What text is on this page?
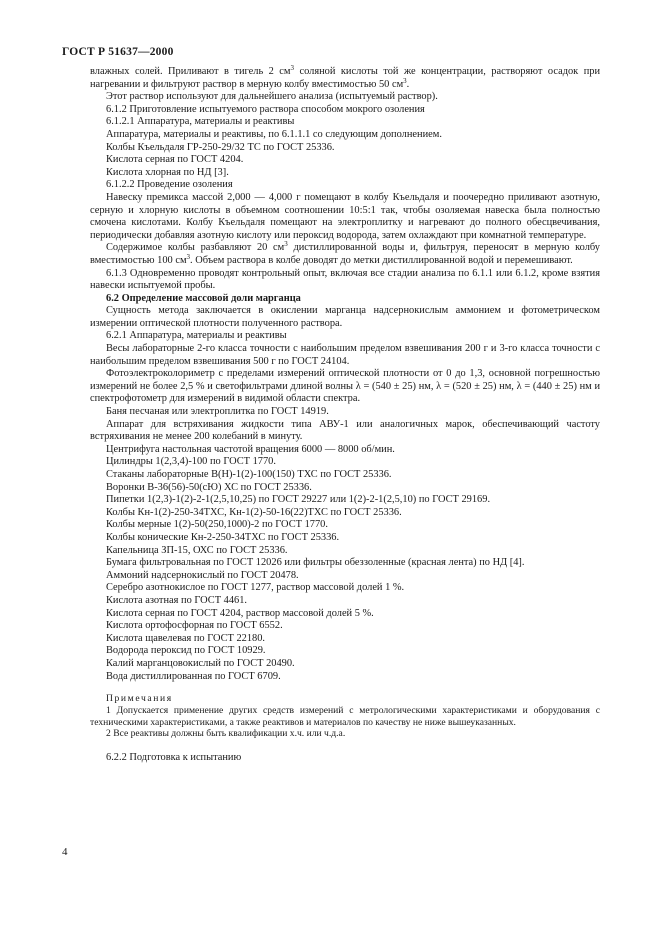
ГОСТ Р 51637—2000

влажных солей. Приливают в тигель 2 $см^3$ соляной кислоты той же концентрации, растворяют осадок при нагревании и фильтруют раствор в мерную колбу вместимостью 50 $см^3$.

Этот раствор используют для дальнейшего анализа (испытуемый раствор).

6.1.2 Приготовление испытуемого раствора способом мокрого озоления

6.1.2.1 Аппаратура, материалы и реактивы

Аппаратура, материалы и реактивы, по 6.1.1.1 со следующим дополнением.

Колбы Къельдаля ГР-250-29/32 ТС по ГОСТ 25336.

Кислота серная по ГОСТ 4204.

Кислота хлорная по НД [3].

6.1.2.2 Проведение озоления

Навеску премикса массой 2,000 — 4,000 г помещают в колбу Къельдаля и поочередно приливают азотную, серную и хлорную кислоты в объемном соотношении 10:5:1 так, чтобы озоляемая навеска была полностью смочена кислотами. Колбу Къельдаля помещают на электроплитку и нагревают до полного обесцвечивания, периодически добавляя азотную кислоту или пероксид водорода, затем охлаждают при комнатной температуре.

Содержимое колбы разбавляют 20 $см^3$ дистиллированной воды и, фильтруя, переносят в мерную колбу вместимостью 100 $см^3$. Объем раствора в колбе доводят до метки дистиллированной водой и перемешивают.

6.1.3 Одновременно проводят контрольный опыт, включая все стадии анализа по 6.1.1 или 6.1.2, кроме взятия навески испытуемой пробы.

6.2 Определение массовой доли марганца

Сущность метода заключается в окислении марганца надсернокислым аммонием и фотометрическом измерении оптической плотности полученного раствора.

6.2.1 Аппаратура, материалы и реактивы

Весы лабораторные 2-го класса точности с наибольшим пределом взвешивания 200 г и 3-го класса точности с наибольшим пределом взвешивания 500 г по ГОСТ 24104.

Фотоэлектроколориметр с пределами измерений оптической плотности от 0 до 1,3, основной погрешностью измерений не более 2,5 % и светофильтрами длиной волны λ = (540 ± 25) нм, λ = (520 ± 25) нм, λ = (440 ± 25) нм и спектрофотометр для измерений в видимой области спектра.

Баня песчаная или электроплитка по ГОСТ 14919.

Аппарат для встряхивания жидкости типа АВУ-1 или аналогичных марок, обеспечивающий частоту встряхивания не менее 200 колебаний в минуту.

Центрифуга настольная частотой вращения 6000 — 8000 об/мин.

Цилиндры 1(2,3,4)-100 по ГОСТ 1770.

Стаканы лабораторные В(Н)-1(2)-100(150) ТХС по ГОСТ 25336.

Воронки В-36(56)-50(сЮ) ХС по ГОСТ 25336.

Пипетки 1(2,3)-1(2)-2-1(2,5,10,25) по ГОСТ 29227 или 1(2)-2-1(2,5,10) по ГОСТ 29169.

Колбы Кн-1(2)-250-34ТХС, Кн-1(2)-50-16(22)ТХС по ГОСТ 25336.

Колбы мерные 1(2)-50(250,1000)-2 по ГОСТ 1770.

Колбы конические Кн-2-250-34ТХС по ГОСТ 25336.

Капельница ЗП-15, ОХС по ГОСТ 25336.

Бумага фильтровальная по ГОСТ 12026 или фильтры обеззоленные (красная лента) по НД [4].

Аммоний надсернокислый по ГОСТ 20478.

Серебро азотнокислое по ГОСТ 1277, раствор массовой долей 1 %.

Кислота азотная по ГОСТ 4461.

Кислота серная по ГОСТ 4204, раствор массовой долей 5 %.

Кислота ортофосфорная по ГОСТ 6552.

Кислота щавелевая по ГОСТ 22180.

Водорода пероксид по ГОСТ 10929.

Калий марганцовокислый по ГОСТ 20490.

Вода дистиллированная по ГОСТ 6709.

Примечания

1 Допускается применение других средств измерений с метрологическими характеристиками и оборудования с техническими характеристиками, а также реактивов и материалов по качеству не ниже вышеуказанных.

2 Все реактивы должны быть квалификации х.ч. или ч.д.а.

6.2.2 Подготовка к испытанию

4
